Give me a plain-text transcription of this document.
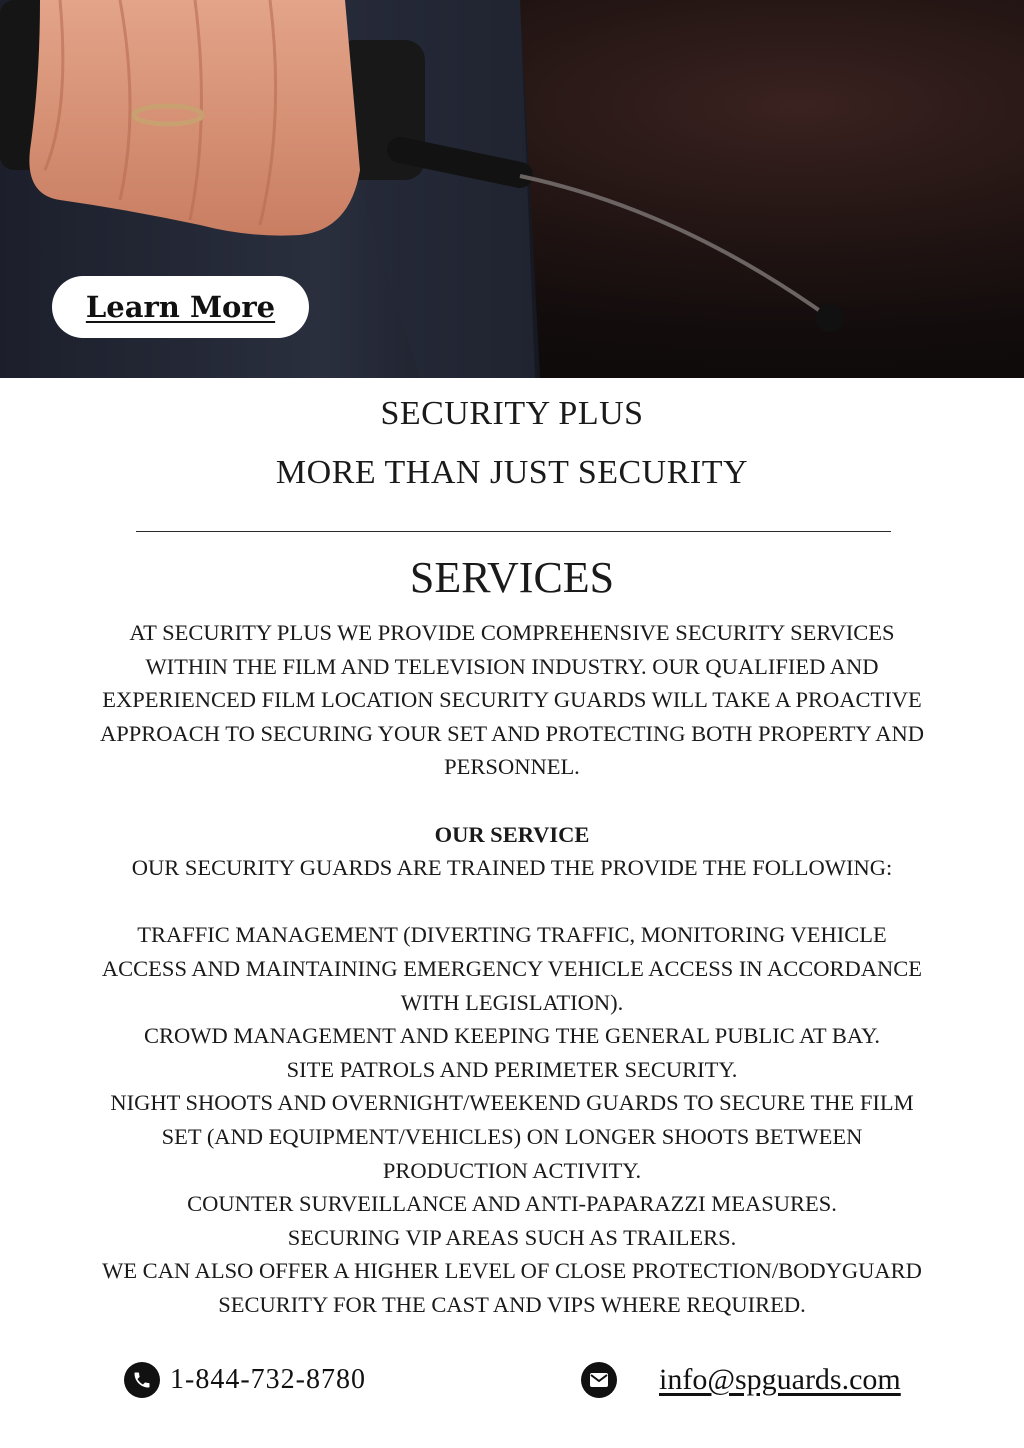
Learn More
SECURITY PLUS
MORE THAN JUST SECURITY
SERVICES

AT SECURITY PLUS WE PROVIDE COMPREHENSIVE SECURITY SERVICES

WITHIN THE FILM AND TELEVISION INDUSTRY. OUR QUALIFIED AND

EXPERIENCED FILM LOCATION SECURITY GUARDS WILL TAKE A PROACTIVE

APPROACH TO SECURING YOUR SET AND PROTECTING BOTH PROPERTY AND

PERSONNEL.

OUR SERVICE

OUR SECURITY GUARDS ARE TRAINED THE PROVIDE THE FOLLOWING:

TRAFFIC MANAGEMENT (DIVERTING TRAFFIC, MONITORING VEHICLE

ACCESS AND MAINTAINING EMERGENCY VEHICLE ACCESS IN ACCORDANCE

WITH LEGISLATION).

CROWD MANAGEMENT AND KEEPING THE GENERAL PUBLIC AT BAY.

SITE PATROLS AND PERIMETER SECURITY.

NIGHT SHOOTS AND OVERNIGHT/WEEKEND GUARDS TO SECURE THE FILM

SET (AND EQUIPMENT/VEHICLES) ON LONGER SHOOTS BETWEEN

PRODUCTION ACTIVITY.

COUNTER SURVEILLANCE AND ANTI-PAPARAZZI MEASURES.

SECURING VIP AREAS SUCH AS TRAILERS.

WE CAN ALSO OFFER A HIGHER LEVEL OF CLOSE PROTECTION/BODYGUARD

SECURITY FOR THE CAST AND VIPS WHERE REQUIRED.

1-844-732-8780	info@spguards.com
